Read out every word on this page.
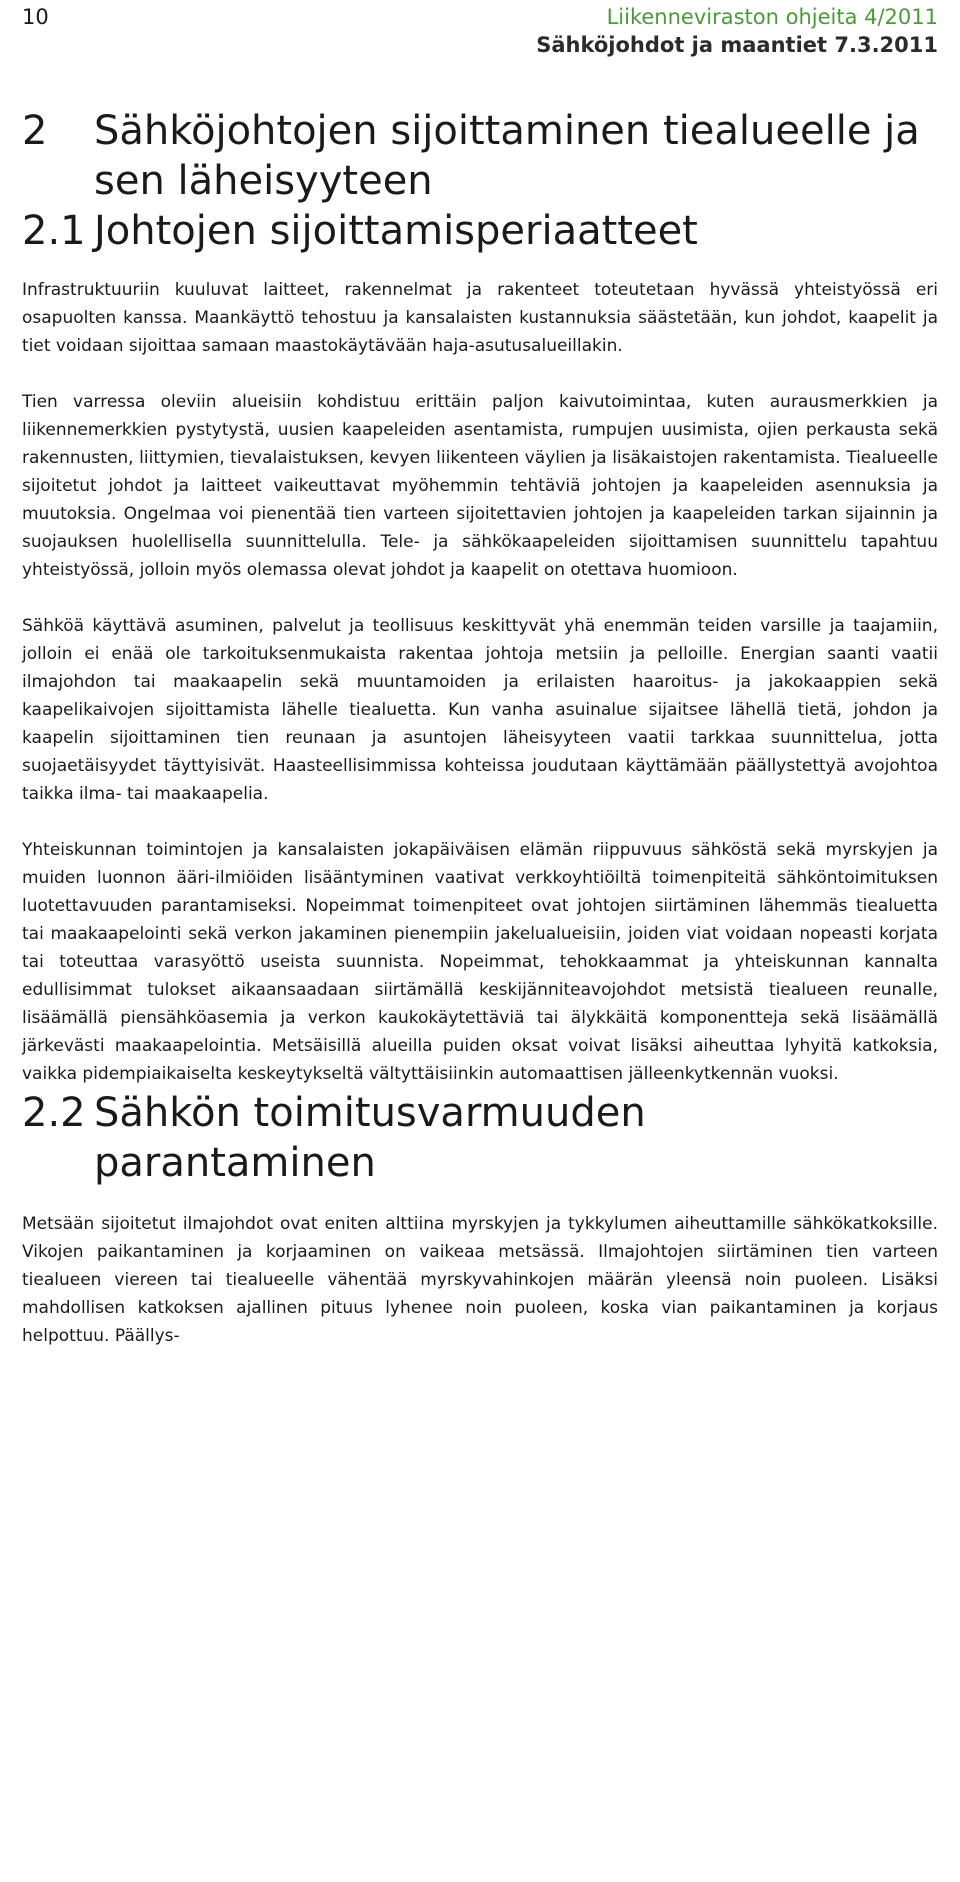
10	Liikenneviraston ohjeita 4/2011
Sähköjohdot ja maantiet 7.3.2011
2	Sähköjohtojen sijoittaminen tiealueelle ja sen läheisyyteen
2.1 Johtojen sijoittamisperiaatteet

Infrastruktuuriin kuuluvat laitteet, rakennelmat ja rakenteet toteutetaan hyvässä yhteistyössä eri osapuolten kanssa. Maankäyttö tehostuu ja kansalaisten kustannuksia säästetään, kun johdot, kaapelit ja tiet voidaan sijoittaa samaan maastokäytävään haja-asutusalueillakin.

Tien varressa oleviin alueisiin kohdistuu erittäin paljon kaivutoimintaa, kuten aurausmerkkien ja liikennemerkkien pystytystä, uusien kaapeleiden asentamista, rumpujen uusimista, ojien perkausta sekä rakennusten, liittymien, tievalaistuksen, kevyen liikenteen väylien ja lisäkaistojen rakentamista. Tiealueelle sijoitetut johdot ja laitteet vaikeuttavat myöhemmin tehtäviä johtojen ja kaapeleiden asennuksia ja muutoksia. Ongelmaa voi pienentää tien varteen sijoitettavien johtojen ja kaapeleiden tarkan sijainnin ja suojauksen huolellisella suunnittelulla. Tele- ja sähkökaapeleiden sijoittamisen suunnittelu tapahtuu yhteistyössä, jolloin myös olemassa olevat johdot ja kaapelit on otettava huomioon.

Sähköä käyttävä asuminen, palvelut ja teollisuus keskittyvät yhä enemmän teiden varsille ja taajamiin, jolloin ei enää ole tarkoituksenmukaista rakentaa johtoja metsiin ja pelloille. Energian saanti vaatii ilmajohdon tai maakaapelin sekä muuntamoiden ja erilaisten haaroitus- ja jakokaappien sekä kaapelikaivojen sijoittamista lähelle tiealuetta. Kun vanha asuinalue sijaitsee lähellä tietä, johdon ja kaapelin sijoittaminen tien reunaan ja asuntojen läheisyyteen vaatii tarkkaa suunnittelua, jotta suojaetäisyydet täyttyisivät. Haasteellisimmissa kohteissa joudutaan käyttämään päällystettyä avojohtoa taikka ilma- tai maakaapelia.

Yhteiskunnan toimintojen ja kansalaisten jokapäiväisen elämän riippuvuus sähköstä sekä myrskyjen ja muiden luonnon ääri-ilmiöiden lisääntyminen vaativat verkkoyhtiöiltä toimenpiteitä sähköntoimituksen luotettavuuden parantamiseksi. Nopeimmat toimenpiteet ovat johtojen siirtäminen lähemmäs tiealuetta tai maakaapelointi sekä verkon jakaminen pienempiin jakelualueisiin, joiden viat voidaan nopeasti korjata tai toteuttaa varasyöttö useista suunnista. Nopeimmat, tehokkaammat ja yhteiskunnan kannalta edullisimmat tulokset aikaansaadaan siirtämällä keskijänniteavojohdot metsistä tiealueen reunalle, lisäämällä piensähköasemia ja verkon kaukokäytettäviä tai älykkäitä komponentteja sekä lisäämällä järkevästi maakaapelointia. Metsäisillä alueilla puiden oksat voivat lisäksi aiheuttaa lyhyitä katkoksia, vaikka pidempiaikaiselta keskeytykseltä vältyttäisiinkin automaattisen jälleenkytkennän vuoksi.

2.2 Sähkön toimitusvarmuuden parantaminen

Metsään sijoitetut ilmajohdot ovat eniten alttiina myrskyjen ja tykkylumen aiheuttamille sähkökatkoksille. Vikojen paikantaminen ja korjaaminen on vaikeaa metsässä. Ilmajohtojen siirtäminen tien varteen tiealueen viereen tai tiealueelle vähentää myrskyvahinkojen määrän yleensä noin puoleen. Lisäksi mahdollisen katkoksen ajallinen pituus lyhenee noin puoleen, koska vian paikantaminen ja korjaus helpottuu. Päällys-
